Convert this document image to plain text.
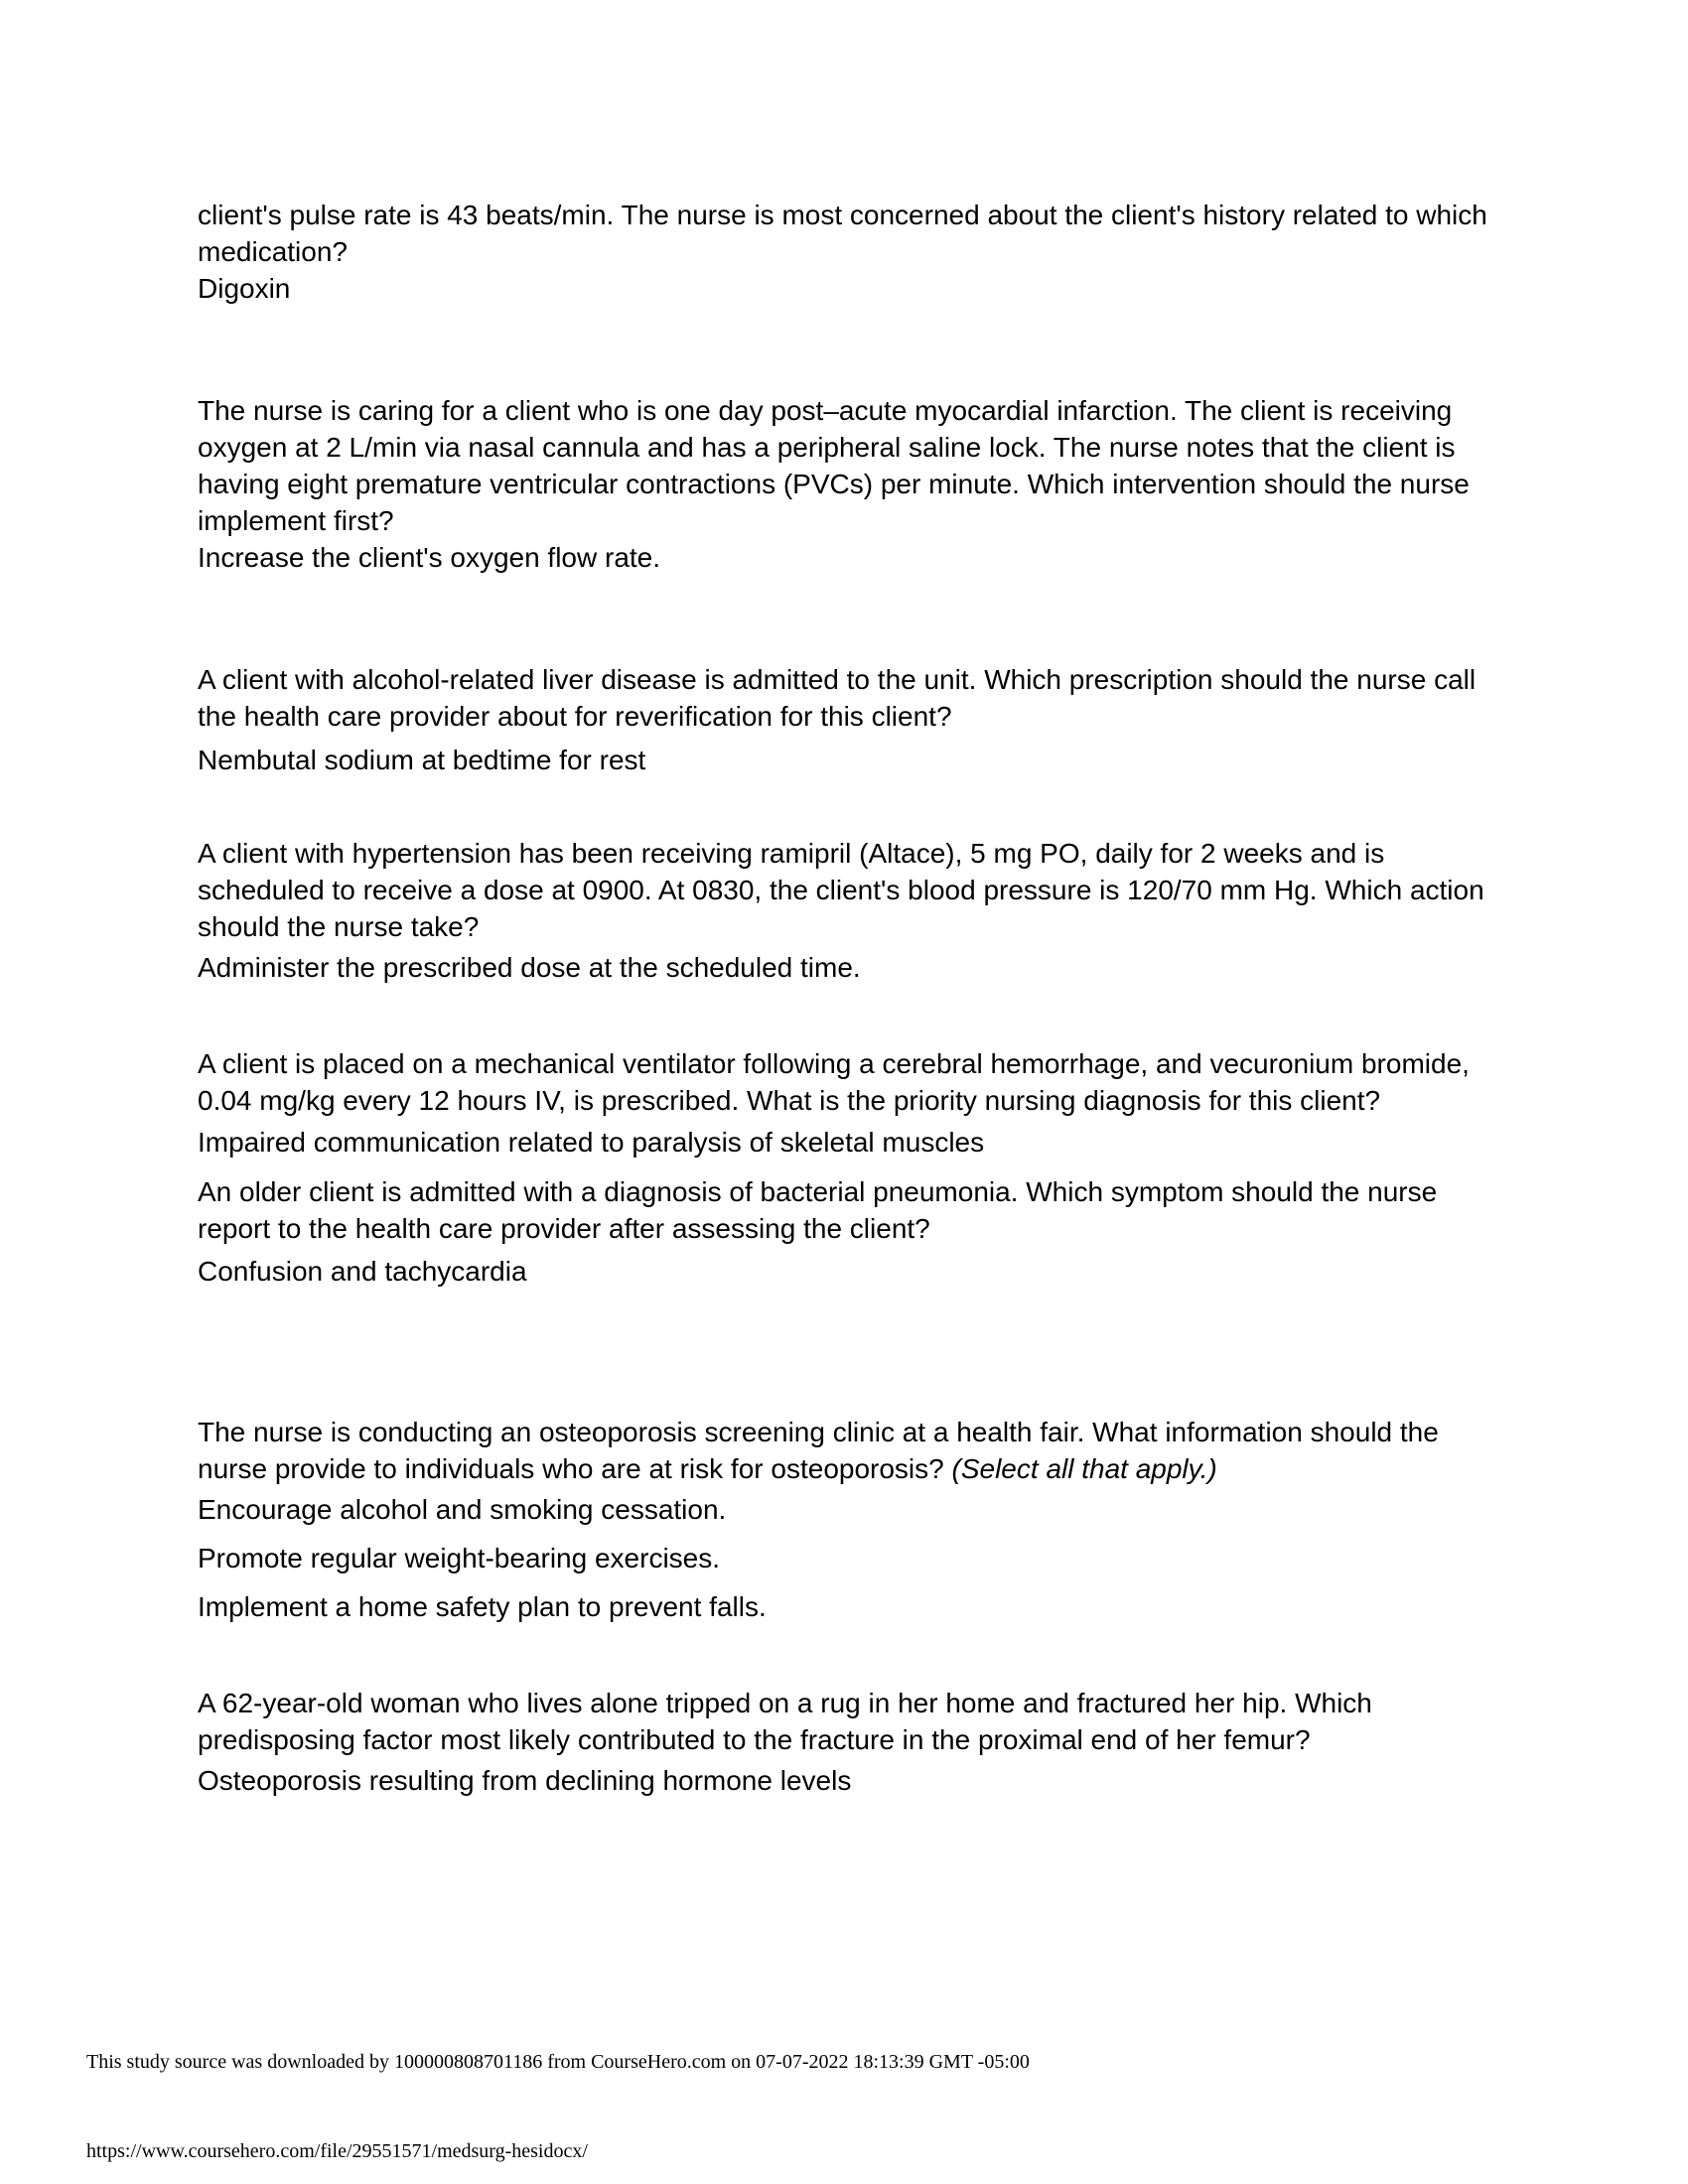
client's pulse rate is 43 beats/min. The nurse is most concerned about the client's history related to which medication?

Digoxin

The nurse is caring for a client who is one day post–acute myocardial infarction. The client is receiving oxygen at 2 L/min via nasal cannula and has a peripheral saline lock. The nurse notes that the client is having eight premature ventricular contractions (PVCs) per minute. Which intervention should the nurse implement first?

Increase the client's oxygen flow rate.

A client with alcohol-related liver disease is admitted to the unit. Which prescription should the nurse call the health care provider about for reverification for this client?

Nembutal sodium at bedtime for rest

A client with hypertension has been receiving ramipril (Altace), 5 mg PO, daily for 2 weeks and is scheduled to receive a dose at 0900. At 0830, the client's blood pressure is 120/70 mm Hg. Which action should the nurse take?

Administer the prescribed dose at the scheduled time.

A client is placed on a mechanical ventilator following a cerebral hemorrhage, and vecuronium bromide, 0.04 mg/kg every 12 hours IV, is prescribed. What is the priority nursing diagnosis for this client?

Impaired communication related to paralysis of skeletal muscles

An older client is admitted with a diagnosis of bacterial pneumonia. Which symptom should the nurse report to the health care provider after assessing the client?

Confusion and tachycardia

The nurse is conducting an osteoporosis screening clinic at a health fair. What information should the nurse provide to individuals who are at risk for osteoporosis? (Select all that apply.)

Encourage alcohol and smoking cessation.

Promote regular weight-bearing exercises.

Implement a home safety plan to prevent falls.

A 62-year-old woman who lives alone tripped on a rug in her home and fractured her hip. Which predisposing factor most likely contributed to the fracture in the proximal end of her femur?

Osteoporosis resulting from declining hormone levels

This study source was downloaded by 100000808701186 from CourseHero.com on 07-07-2022 18:13:39 GMT -05:00
https://www.coursehero.com/file/29551571/medsurg-hesidocx/
